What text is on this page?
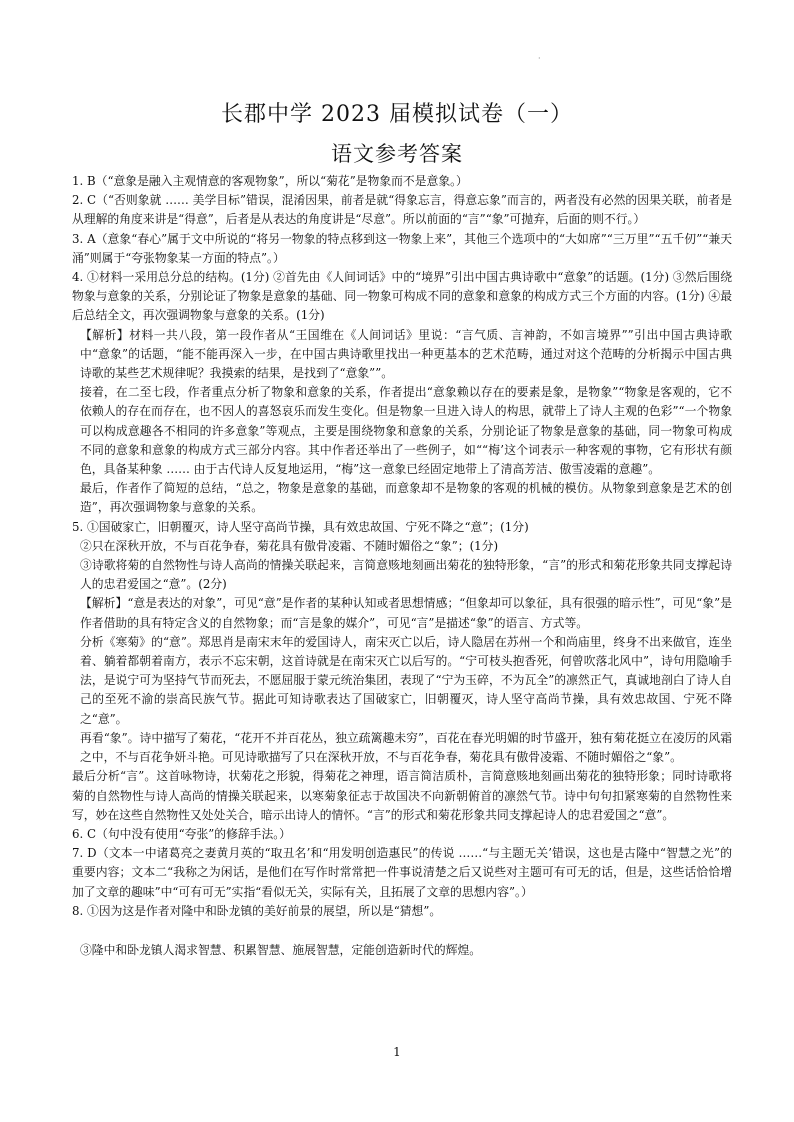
·
长郡中学 2023 届模拟试卷（一）
语文参考答案

1. B（“意象是融入主观情意的客观物象”，所以“菊花”是物象而不是意象。）

2. C（“否则象就 …… 美学目标”错误，混淆因果，前者是就“得象忘言，得意忘象”而言的，两者没有必然的因果关联，前者是从理解的角度来讲是“得意”，后者是从表达的角度讲是“尽意”。所以前面的“言”“象”可抛弃，后面的则不行。）

3. A（意象“春心”属于文中所说的“将另一物象的特点移到这一物象上来”，其他三个选项中的“大如席”“三万里”“五千仞”“兼天涌”则属于“夸张物象某一方面的特点”。）

4. ①材料一采用总分总的结构。(1分) ②首先由《人间词话》中的“境界”引出中国古典诗歌中“意象”的话题。(1分) ③然后围绕物象与意象的关系，分别论证了物象是意象的基础、同一物象可构成不同的意象和意象的构成方式三个方面的内容。(1分) ④最后总结全文，再次强调物象与意象的关系。(1分)

【解析】材料一共八段，第一段作者从“王国维在《人间词话》里说：“言气质、言神韵，不如言境界””引出中国古典诗歌中“意象”的话题，“能不能再深入一步，在中国古典诗歌里找出一种更基本的艺术范畴，通过对这个范畴的分析揭示中国古典诗歌的某些艺术规律呢？我摸索的结果，是找到了“意象””。

接着，在二至七段，作者重点分析了物象和意象的关系，作者提出“意象赖以存在的要素是象，是物象”“物象是客观的，它不依赖人的存在而存在，也不因人的喜怒哀乐而发生变化。但是物象一旦进入诗人的构思，就带上了诗人主观的色彩”“一个物象可以构成意趣各不相同的许多意象”等观点，主要是围绕物象和意象的关系，分别论证了物象是意象的基础，同一物象可构成不同的意象和意象的构成方式三部分内容。其中作者还举出了一些例子，如““梅’这个词表示一种客观的事物，它有形状有颜色，具备某种象 …… 由于古代诗人反复地运用，“梅”这一意象已经固定地带上了清高芳洁、傲雪凌霜的意趣”。

最后，作者作了简短的总结，“总之，物象是意象的基础，而意象却不是物象的客观的机械的模仿。从物象到意象是艺术的创造”，再次强调物象与意象的关系。

5. ①国破家亡，旧朝覆灭，诗人坚守高尚节操，具有效忠故国、宁死不降之“意”；(1分)

②只在深秋开放，不与百花争春，菊花具有傲骨凌霜、不随时媚俗之“象”；(1分)

③诗歌将菊的自然物性与诗人高尚的情操关联起来，言简意赅地刻画出菊花的独特形象，“言”的形式和菊花形象共同支撑起诗人的忠君爱国之“意”。(2分)

【解析】“意是表达的对象”，可见“意”是作者的某种认知或者思想情感；“但象却可以象征，具有很强的暗示性”，可见“象”是作者借助的具有特定含义的自然物象；而“言是象的媒介”，可见“言”是描述“象”的语言、方式等。

分析《寒菊》的“意”。郑思肖是南宋末年的爱国诗人，南宋灭亡以后，诗人隐居在苏州一个和尚庙里，终身不出来做官，连坐着、躺着都朝着南方，表示不忘宋朝，这首诗就是在南宋灭亡以后写的。“宁可枝头抱香死，何曾吹落北风中”，诗句用隐喻手法，是说宁可为坚持气节而死去，不愿屈服于蒙元统治集团，表现了“宁为玉碎，不为瓦全”的凛然正气，真诚地剖白了诗人自己的至死不渝的崇高民族气节。据此可知诗歌表达了国破家亡，旧朝覆灭，诗人坚守高尚节操，具有效忠故国、宁死不降之“意”。

再看“象”。诗中描写了菊花，“花开不并百花丛，独立疏篱趣未穷”，百花在春光明媚的时节盛开，独有菊花挺立在凌厉的风霜之中，不与百花争妍斗艳。可见诗歌描写了只在深秋开放，不与百花争春，菊花具有傲骨凌霜、不随时媚俗之“象”。

最后分析“言”。这首咏物诗，状菊花之形貌，得菊花之神理，语言简洁质朴，言简意赅地刻画出菊花的独特形象；同时诗歌将菊的自然物性与诗人高尚的情操关联起来，以寒菊象征志于故国决不向新朝俯首的凛然气节。诗中句句扣紧寒菊的自然物性来写，妙在这些自然物性又处处关合，暗示出诗人的情怀。“言”的形式和菊花形象共同支撑起诗人的忠君爱国之“意”。

6. C（句中没有使用“夸张”的修辞手法。）

7. D（文本一中诸葛亮之妻黄月英的“取丑名’和“用发明创造惠民”的传说 ……“与主题无关’错误，这也是古隆中“智慧之光”的重要内容；文本二“我称之为闲话，是他们在写作时常常把一件事说清楚之后又说些对主题可有可无的话，但是，这些话恰恰增加了文章的趣味”中“可有可无”实指“看似无关，实际有关，且拓展了文章的思想内容”。）

8. ①因为这是作者对隆中和卧龙镇的美好前景的展望，所以是“猜想”。

③隆中和卧龙镇人渴求智慧、积累智慧、施展智慧，定能创造新时代的辉煌。

1
